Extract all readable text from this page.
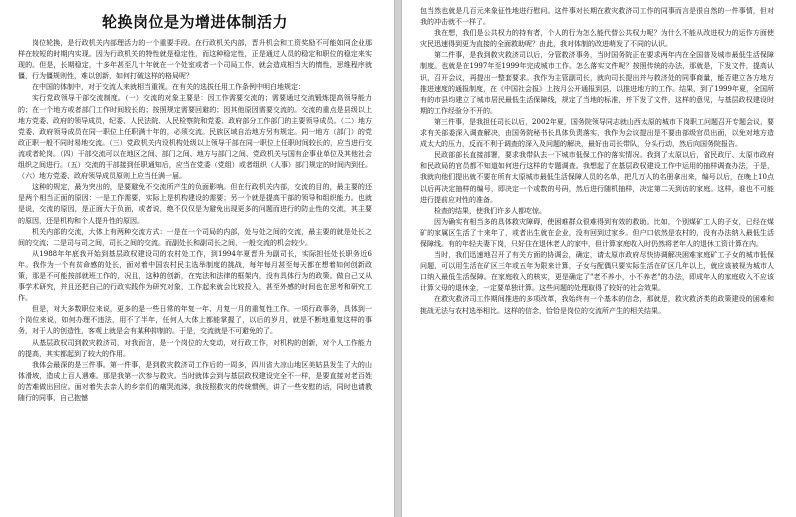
轮换岗位是为增进体制活力

岗位轮换，是行政机关内部理活力的一个重要手段。在行政机关内部，晋升机会和工资奖励不可能如同企业那样在较短的时期内实现。因为行政机关的特性就是稳定性，而这种稳定性，正是通过人员的稳定和职位的稳定来实现的。但是，长期稳定，十多年甚至几十年就在一个处室或者一个司局工作，就会造成相当大的惰性，思维程序就僵，行为僵规则性，难以创新，如何打破这样的格局呢？

在中国的体制中，对于交流人来就相当重视。在有关的选拔任用工作条例中明白地规定：

实行党政领导干部交流制度。（一）交流的对象主要是：因工作需要交流的；需要通过交流锻炼提高领导能力的；在一个地方或者部门工作时间较长的；按照规定需要回避的；因其他原因需要交流的。交流的重点是县级以上地方党委、政府的领导成员，纪委、人民法院、人民检察院和党委、政府部分工作部门的主要领导成员。（二）地方党委、政府领导成员在同一职位上任职满十年的，必须交流。民族区域自治地方另有规定。同一地方（部门）的党政正职一般不同时易地交流。（三）党政机关内设机构处级以上领导干部在同一职位上任职时间较长的，应当进行交流或者轮岗。（四）干部交流可以在地区之间、部门之间、地方与部门之间、党政机关与国有企事业单位及其他社会组织之间进行。（五）交流的干部接到任职通知后，应当在党委（党组）或者组织（人事）部门规定的时间内到任。（六）地方党委、政府领导成员原则上应当任满一届。

这种的规定，最为突出的，是要避免不交流所产生的负面影响。但在行政机关内部，交流的目的，最主要的还是两个相当正面的原因：一是工作需要，实际上是机构建设的需要；另一个就是提高干部的领导和组织能力。也就是说，交流的原因，是正面大于负面，或者说，绝不仅仅是为避免出现更多的问题而进行的防止性的交流，其主要的原因，还是机构和个人提升性的原因。

机关内部的交流，大体上有两种交流方式：一是在一个司局的内部，处与处之间的交流，最主要的就是处长之间的交流；二是司与司之间，司长之间的交流。而副处长和副司长之间，一般交流的机会较少。

从1988年年底我开始到基层政权建设司的农村处工作，到1994年夏晋升为副司长，实际担任处长职务近6年。我作为一个有贫命感的处长，面对着中国农村民主选举制度的挑战，每年每月甚至每天都在想着如何创新政策，那是不可能按部就班工作的，况且，这种的创新，在宪法和法律的框架内，没有具体行为的政策。做自己又从事学术研究，并且还把自己的行政实践作为研究对象，工作起来就会比较投入，甚至外感的时间也在思考和研究工作。

但是，对大多数职位来说，更多的是一些日常的年复一年、月复一月的重复性工作。一项行政事务，具体到一个岗位来说，如何办理不违法，用不了半年，任何人大体上都能掌握了，以后的岁月，就是不断地重复这样的事务，对于人的创造性，客观上就是会有某种抑制的。于是，交流就是不可避免的了。

从基层政权司到救灾救济司，对我而言，是一个岗位的大变动，对行政工作，对机构的创新，对个人工作能力的提高，其实都起到了较大的作用。

我体会最深的是三件事。第一件事，是到救灾救济司工作后的一周多，四川省大凉山地区美姑县发生了大的山体滑坡，造成上百人遇难。那是我第一次参与救灾。当时就体会到与基层政权建设完全不一样，是要直接对老百姓的苦难做出回应。面对着失去亲人的乡亲们的痛哭流涕，我按照救灾的传统惯例，讲了一些安慰的话，同时也请教随行的同事，自己抱憾

包当然也就是几百元来象征性地进行慰问。这件事对长期在救灾救济司工作的同事而言是很自然的一件事情，但对我的冲击就不一样了。

我在想，我们是公共权力的持有者，个人的行为怎么能代替公共权力呢？为什么不能从改进权力的运作方面使灾民迅速得到更为直接的全面救助呢？由此，我对体制的改进萌发了不同的认识。

第二件事，是我到救灾救济司以后，分管救济事务，当时国务院正在要求两年内在全国普及城市最低生活保障制度。也就是在1997年至1999年完成城市工作。怎么落实文件呢？按照传统的办法，那就是，下发文件，提高认识，召开会议，再提出一整套要求。我作为主管副司长，就向司长提出并与救济处的同事商量，能否建立各方地方推进速度的通报制度，在《中国社会报》上按月公开通报到县，以推进地方的工作。结果，到了1999年夏，全国所有的市县均建立了城市居民最低生活保障线，规定了当地的标准，并下发了文件，这样的意见，与基层政权建设时期的工作经验分不开的。

第三件事，是我担任司长以后，2002年夏，国务院领导同志就山西太原的城市下岗职工问题召开专题会议，要求有关部委深入调查解决，由国务院秘书长具体负责落实，我作为会议提出是不要由部级官员出面，以免对地方造成太大的压力，反而不利于调查的深入及问题的解决，最好由司长带队，分头行动，然后向国务院报告。

民政部部长直接部署，要求我带队去一下城市低保工作的落实情况。我到了太原以后，省民政厅、太原市政府和民政局的官员都不知道如何进行这样的专题调查。我想起了在基层政权建设工作中运用的抽样调查办法，于是，我就向他们提出就不要在所有太原城市最低生活保障人员的名单，把几万人的名册拿出来，编号以后，在晚上10点以后再决定抽样的编号，即决定一个或数的号码，然后进行随机抽样，决定第二天到访的家庭。这样，谁也不可能进行提前应对性的准备。

检查的结果，使我们许多人都吃惊。

因为确实有相当多的具体救灾障碍，使困难群众很难得到有效的救助。比如，个别煤矿工人的子女，已经在煤矿的家属区生活了十来年了，或者出生就在企业，没有回到过家乡。但户口依然是农村的，没有办法纳入最低生活保障线。有的年轻夫妻下岗，只好住在退休老人的家中，但计算家庭收入时仍然将老年人的退休工资计算在内。

当时，我们迅速地召开了有关方面的协调会，确定，请太原市政府尽快协调解决困难家庭矿工子女的城市低保问题，可以用生活在矿区三年或五年为限来计算，子女与配偶只要实际生活在矿区几年以上，就应该被视为城市人口纳入最低生活保障。在家庭收入的核实，更是确定了"老不养小，小不养老"的办法，即成年人的家庭收入不应该计算父母的退休金，一定要单独计算。这些问题的处理取得了较好的社会效果。

在救灾救济司工作期间推进的多项改革，我始终有一个基本的信念，那就是，救灾救济类的政策建设的困难和挑战无法与农村选举相比。这样的信念，恰恰是岗位的交流所产生的相关结果。
